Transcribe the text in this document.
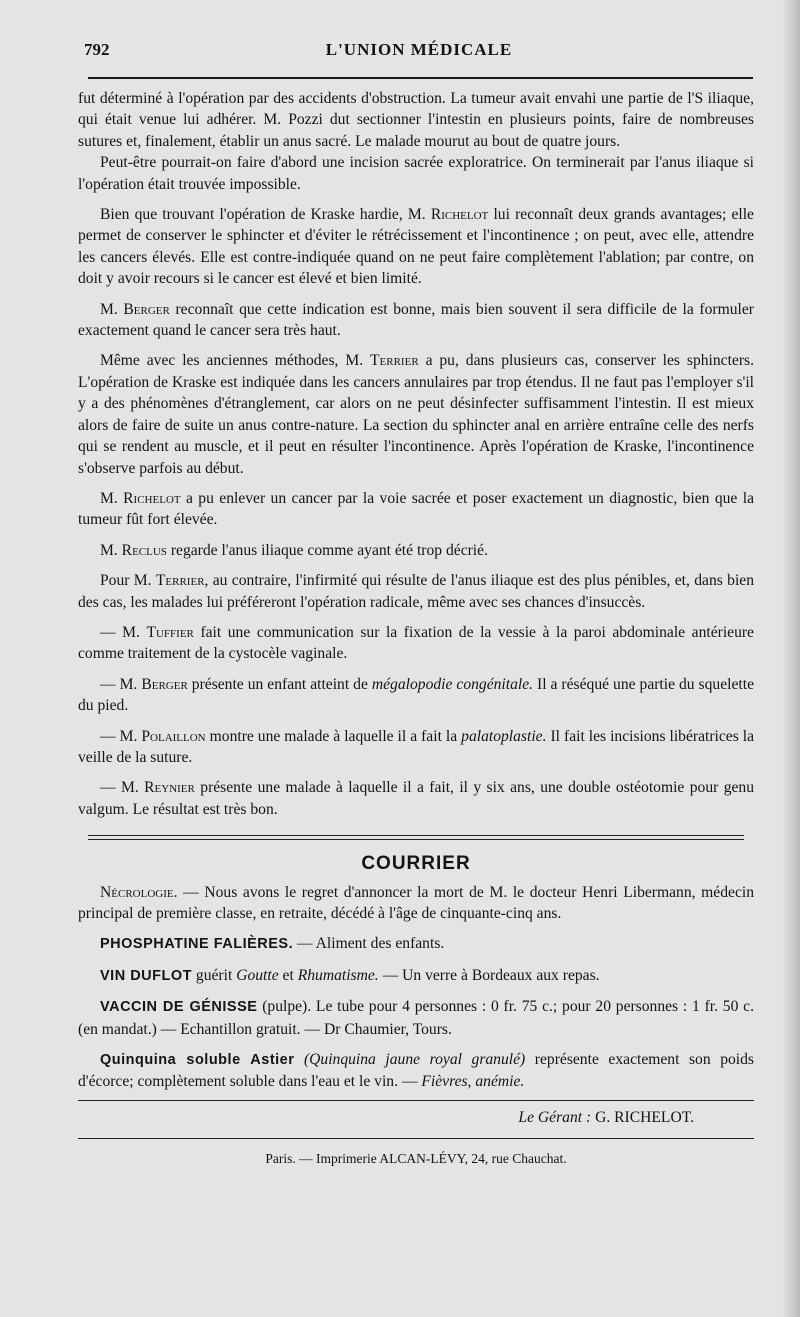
792	L'UNION MÉDICALE

fut déterminé à l'opération par des accidents d'obstruction. La tumeur avait envahi une partie de l'S iliaque, qui était venue lui adhérer. M. Pozzi dut sectionner l'intestin en plusieurs points, faire de nombreuses sutures et, finalement, établir un anus sacré. Le malade mourut au bout de quatre jours.

Peut-être pourrait-on faire d'abord une incision sacrée exploratrice. On terminerait par l'anus iliaque si l'opération était trouvée impossible.

Bien que trouvant l'opération de Kraske hardie, M. Richelot lui reconnaît deux grands avantages; elle permet de conserver le sphincter et d'éviter le rétrécissement et l'incontinence ; on peut, avec elle, attendre les cancers élevés. Elle est contre-indiquée quand on ne peut faire complètement l'ablation; par contre, on doit y avoir recours si le cancer est élevé et bien limité.

M. Berger reconnaît que cette indication est bonne, mais bien souvent il sera difficile de la formuler exactement quand le cancer sera très haut.

Même avec les anciennes méthodes, M. Terrier a pu, dans plusieurs cas, conserver les sphincters. L'opération de Kraske est indiquée dans les cancers annulaires par trop étendus. Il ne faut pas l'employer s'il y a des phénomènes d'étranglement, car alors on ne peut désinfecter suffisamment l'intestin. Il est mieux alors de faire de suite un anus contre-nature. La section du sphincter anal en arrière entraîne celle des nerfs qui se rendent au muscle, et il peut en résulter l'incontinence. Après l'opération de Kraske, l'incontinence s'observe parfois au début.

M. Richelot a pu enlever un cancer par la voie sacrée et poser exactement un diagnostic, bien que la tumeur fût fort élevée.

M. Reclus regarde l'anus iliaque comme ayant été trop décrié.

Pour M. Terrier, au contraire, l'infirmité qui résulte de l'anus iliaque est des plus pénibles, et, dans bien des cas, les malades lui préféreront l'opération radicale, même avec ses chances d'insuccès.

— M. Tuffier fait une communication sur la fixation de la vessie à la paroi abdominale antérieure comme traitement de la cystocèle vaginale.

— M. Berger présente un enfant atteint de mégalopodie congénitale. Il a réséqué une partie du squelette du pied.

— M. Polaillon montre une malade à laquelle il a fait la palatoplastie. Il fait les incisions libératrices la veille de la suture.

— M. Reynier présente une malade à laquelle il a fait, il y six ans, une double ostéotomie pour genu valgum. Le résultat est très bon.

COURRIER

Nécrologie. — Nous avons le regret d'annoncer la mort de M. le docteur Henri Libermann, médecin principal de première classe, en retraite, décédé à l'âge de cinquante-cinq ans.

PHOSPHATINE FALIÈRES. — Aliment des enfants.

VIN DUFLOT guérit Goutte et Rhumatisme. — Un verre à Bordeaux aux repas.

VACCIN DE GÉNISSE (pulpe). Le tube pour 4 personnes : 0 fr. 75 c.; pour 20 personnes : 1 fr. 50 c. (en mandat.) — Echantillon gratuit. — Dr Chaumier, Tours.

Quinquina soluble Astier (Quinquina jaune royal granulé) représente exactement son poids d'écorce; complètement soluble dans l'eau et le vin. — Fièvres, anémie.

Le Gérant : G. RICHELOT.
Paris. — Imprimerie ALCAN-LÉVY, 24, rue Chauchat.
